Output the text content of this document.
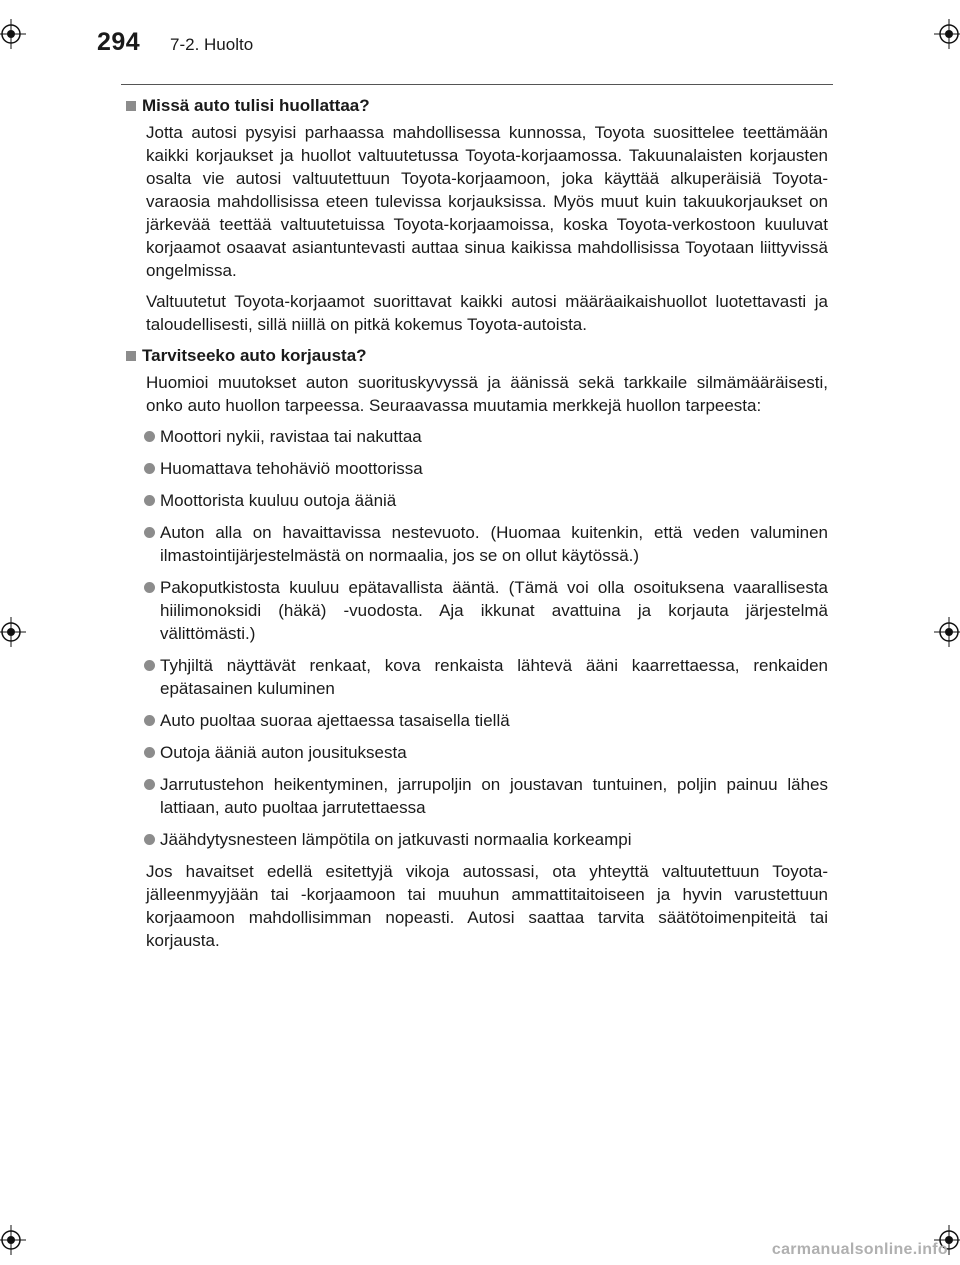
294 7-2. Huolto
Missä auto tulisi huollattaa?

Jotta autosi pysyisi parhaassa mahdollisessa kunnossa, Toyota suosittelee teettämään kaikki korjaukset ja huollot valtuutetussa Toyota-korjaamossa. Takuunalaisten korjausten osalta vie autosi valtuutettuun Toyota-korjaamoon, joka käyttää alkuperäisiä Toyota-varaosia mahdollisissa eteen tulevissa korjauksissa. Myös muut kuin takuukorjaukset on järkevää teettää valtuutetuissa Toyota-korjaamoissa, koska Toyota-verkostoon kuuluvat korjaamot osaavat asiantuntevasti auttaa sinua kaikissa mahdollisissa Toyotaan liittyvissä ongelmissa.

Valtuutetut Toyota-korjaamot suorittavat kaikki autosi määräaikaishuollot luotettavasti ja taloudellisesti, sillä niillä on pitkä kokemus Toyota-autoista.

Tarvitseeko auto korjausta?

Huomioi muutokset auton suorituskyvyssä ja äänissä sekä tarkkaile silmämääräisesti, onko auto huollon tarpeessa. Seuraavassa muutamia merkkejä huollon tarpeesta:

Moottori nykii, ravistaa tai nakuttaa
Huomattava tehohäviö moottorissa
Moottorista kuuluu outoja ääniä
Auton alla on havaittavissa nestevuoto. (Huomaa kuitenkin, että veden valuminen ilmastointijärjestelmästä on normaalia, jos se on ollut käytössä.)
Pakoputkistosta kuuluu epätavallista ääntä. (Tämä voi olla osoituksena vaarallisesta hiilimonoksidi (häkä) -vuodosta. Aja ikkunat avattuina ja korjauta järjestelmä välittömästi.)
Tyhjiltä näyttävät renkaat, kova renkaista lähtevä ääni kaarrettaessa, renkaiden epätasainen kuluminen
Auto puoltaa suoraa ajettaessa tasaisella tiellä
Outoja ääniä auton jousituksesta
Jarrutustehon heikentyminen, jarrupoljin on joustavan tuntuinen, poljin painuu lähes lattiaan, auto puoltaa jarrutettaessa
Jäähdytysnesteen lämpötila on jatkuvasti normaalia korkeampi

Jos havaitset edellä esitettyjä vikoja autossasi, ota yhteyttä valtuutettuun Toyota-jälleenmyyjään tai -korjaamoon tai muuhun ammattitaitoiseen ja hyvin varustettuun korjaamoon mahdollisimman nopeasti. Autosi saattaa tarvita säätötoimenpiteitä tai korjausta.

carmanualsonline.info
